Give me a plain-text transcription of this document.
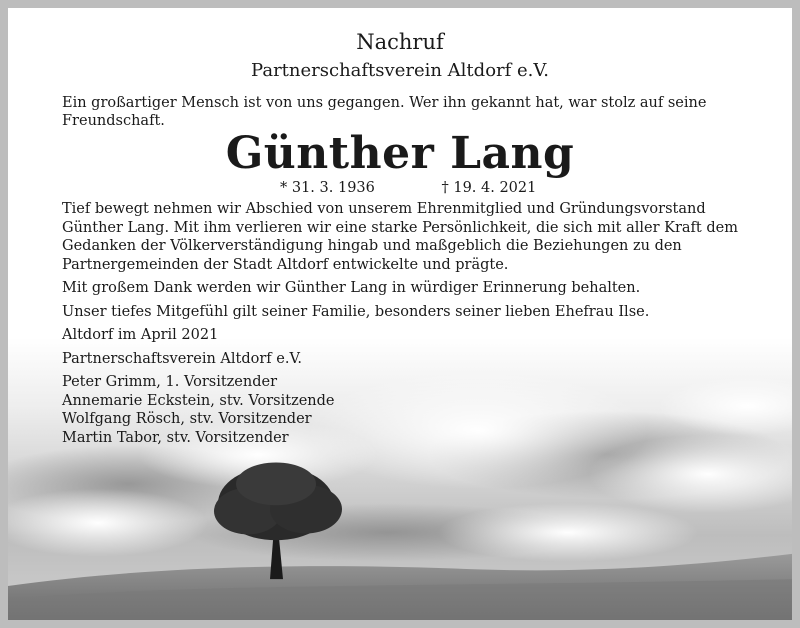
Nachruf
Partnerschaftsverein Altdorf e.V.
Ein großartiger Mensch ist von uns gegangen. Wer ihn gekannt hat, war stolz auf seine Freundschaft.
Günther Lang
* 31. 3. 1936	† 19. 4. 2021

Tief bewegt nehmen wir Abschied von unserem Ehrenmitglied und Gründungsvorstand Günther Lang. Mit ihm verlieren wir eine starke Persönlichkeit, die sich mit aller Kraft dem Gedanken der Völkerverständigung hingab und maßgeblich die Beziehungen zu den Partnergemeinden der Stadt Altdorf entwickelte und prägte.

Mit großem Dank werden wir Günther Lang in würdiger Erinnerung behalten.

Unser tiefes Mitgefühl gilt seiner Familie, besonders seiner lieben Ehefrau Ilse.

Altdorf im April 2021

Partnerschaftsverein Altdorf e.V.

Peter Grimm, 1. Vorsitzender

Annemarie Eckstein, stv. Vorsitzende

Wolfgang Rösch, stv. Vorsitzender

Martin Tabor, stv. Vorsitzender
